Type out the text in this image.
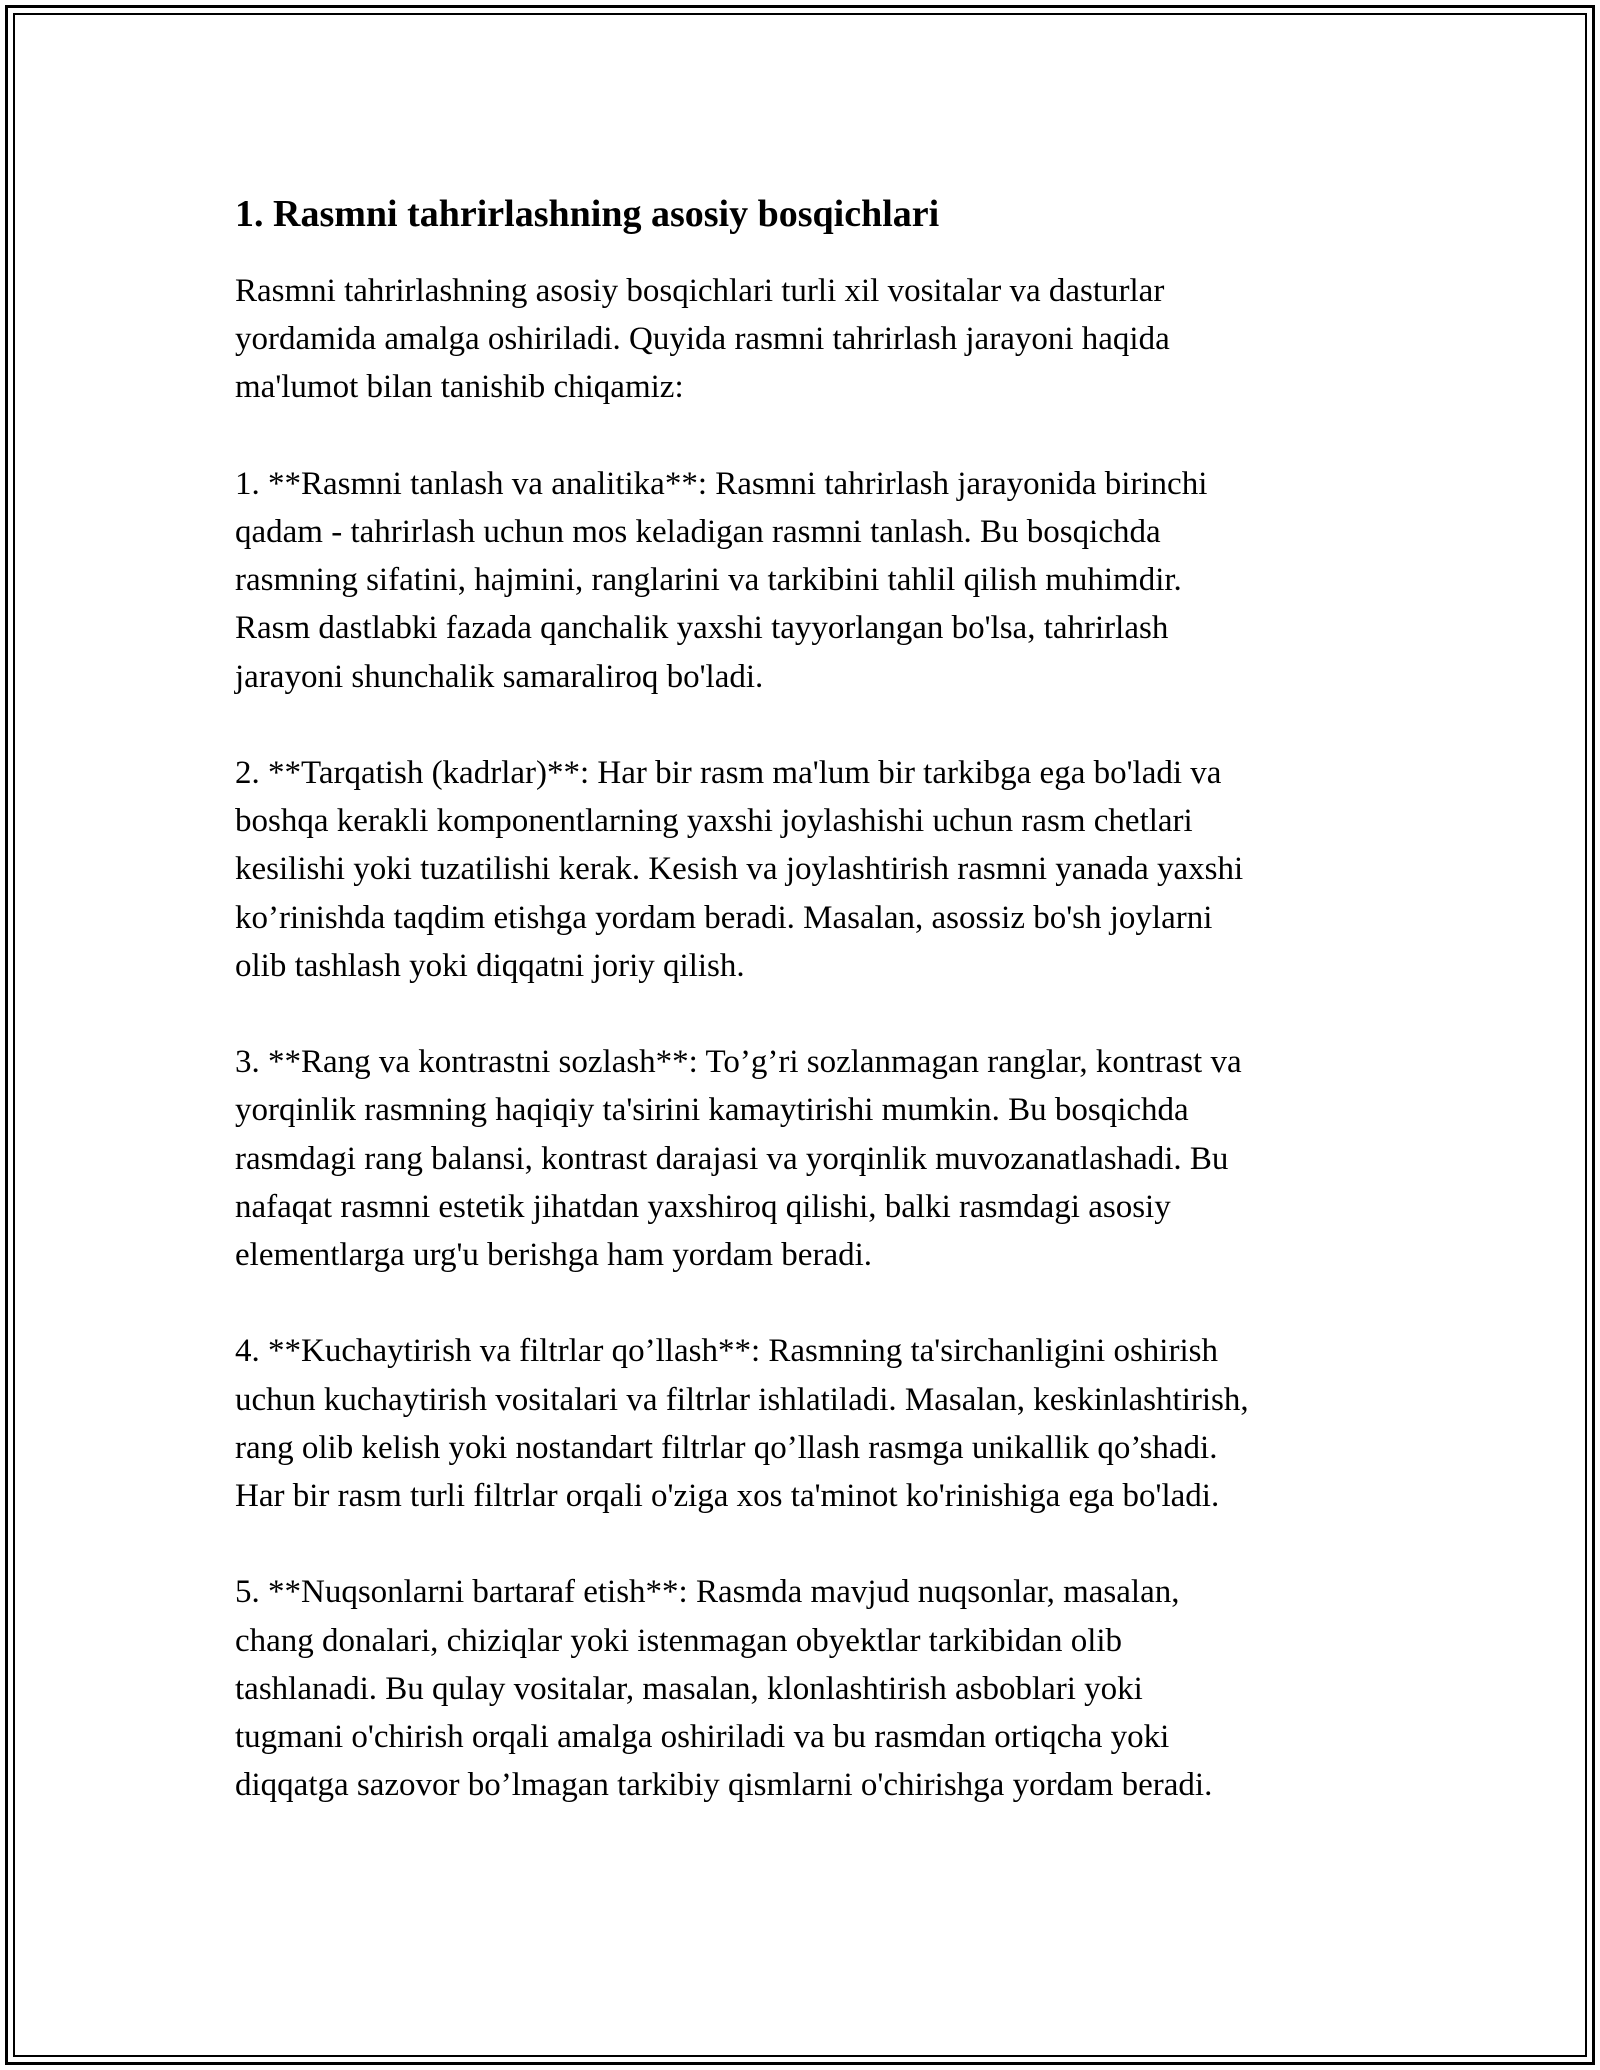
1. Rasmni tahrirlashning asosiy bosqichlari

Rasmni tahrirlashning asosiy bosqichlari turli xil vositalar va dasturlar
yordamida amalga oshiriladi. Quyida rasmni tahrirlash jarayoni haqida
ma'lumot bilan tanishib chiqamiz:

1. **Rasmni tanlash va analitika**: Rasmni tahrirlash jarayonida birinchi
qadam - tahrirlash uchun mos keladigan rasmni tanlash. Bu bosqichda
rasmning sifatini, hajmini, ranglarini va tarkibini tahlil qilish muhimdir.
Rasm dastlabki fazada qanchalik yaxshi tayyorlangan bo'lsa, tahrirlash
jarayoni shunchalik samaraliroq bo'ladi.

2. **Tarqatish (kadrlar)**: Har bir rasm ma'lum bir tarkibga ega bo'ladi va
boshqa kerakli komponentlarning yaxshi joylashishi uchun rasm chetlari
kesilishi yoki tuzatilishi kerak. Kesish va joylashtirish rasmni yanada yaxshi
ko’rinishda taqdim etishga yordam beradi. Masalan, asossiz bo'sh joylarni
olib tashlash yoki diqqatni joriy qilish.

3. **Rang va kontrastni sozlash**: To’g’ri sozlanmagan ranglar, kontrast va
yorqinlik rasmning haqiqiy ta'sirini kamaytirishi mumkin. Bu bosqichda
rasmdagi rang balansi, kontrast darajasi va yorqinlik muvozanatlashadi. Bu
nafaqat rasmni estetik jihatdan yaxshiroq qilishi, balki rasmdagi asosiy
elementlarga urg'u berishga ham yordam beradi.

4. **Kuchaytirish va filtrlar qo’llash**: Rasmning ta'sirchanligini oshirish
uchun kuchaytirish vositalari va filtrlar ishlatiladi. Masalan, keskinlashtirish,
rang olib kelish yoki nostandart filtrlar qo’llash rasmga unikallik qo’shadi.
Har bir rasm turli filtrlar orqali o'ziga xos ta'minot ko'rinishiga ega bo'ladi.

5. **Nuqsonlarni bartaraf etish**: Rasmda mavjud nuqsonlar, masalan,
chang donalari, chiziqlar yoki istenmagan obyektlar tarkibidan olib
tashlanadi. Bu qulay vositalar, masalan, klonlashtirish asboblari yoki
tugmani o'chirish orqali amalga oshiriladi va bu rasmdan ortiqcha yoki
diqqatga sazovor bo’lmagan tarkibiy qismlarni o'chirishga yordam beradi.
